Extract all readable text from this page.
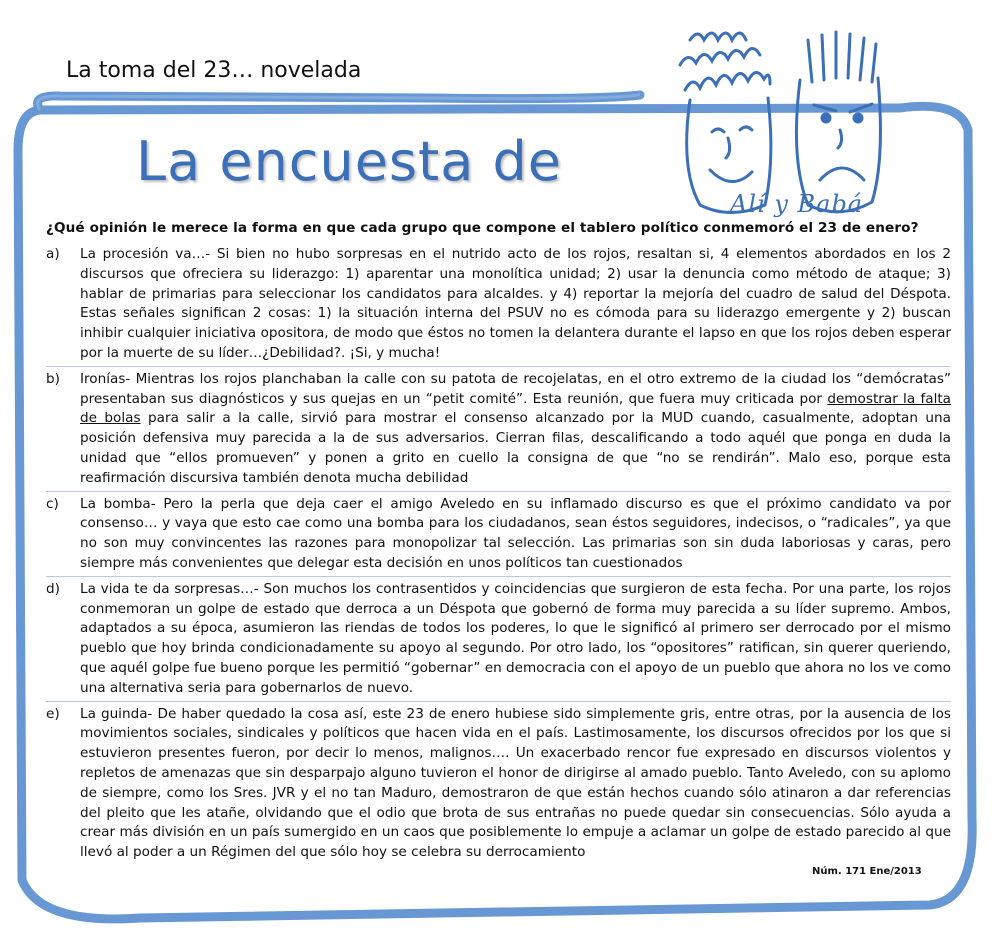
La toma del 23… novelada
La encuesta de
Alí y Babá
¿Qué opinión le merece la forma en que cada grupo que compone el tablero político conmemoró el 23 de enero?
a)	La procesión va…- Si bien no hubo sorpresas en el nutrido acto de los rojos, resaltan si, 4 elementos abordados en los 2 discursos que ofreciera su liderazgo: 1) aparentar una monolítica unidad; 2) usar la denuncia como método de ataque; 3) hablar de primarias para seleccionar los candidatos para alcaldes. y 4) reportar la mejoría del cuadro de salud del Déspota. Estas señales significan 2 cosas: 1) la situación interna del PSUV no es cómoda para su liderazgo emergente y 2) buscan inhibir cualquier iniciativa opositora, de modo que éstos no tomen la delantera durante el lapso en que los rojos deben esperar por la muerte de su líder…¿Debilidad?. ¡Si, y mucha!
b)	Ironías- Mientras los rojos planchaban la calle con su patota de recojelatas, en el otro extremo de la ciudad los “demócratas” presentaban sus diagnósticos y sus quejas en un “petit comité”. Esta reunión, que fuera muy criticada por demostrar la falta de bolas para salir a la calle, sirvió para mostrar el consenso alcanzado por la MUD cuando, casualmente, adoptan una posición defensiva muy parecida a la de sus adversarios. Cierran filas, descalificando a todo aquél que ponga en duda la unidad que “ellos promueven” y ponen a grito en cuello la consigna de que “no se rendirán”. Malo eso, porque esta reafirmación discursiva también denota mucha debilidad
c)	La bomba- Pero la perla que deja caer el amigo Aveledo en su inflamado discurso es que el próximo candidato va por consenso… y vaya que esto cae como una bomba para los ciudadanos, sean éstos seguidores, indecisos, o “radicales”, ya que no son muy convincentes las razones para monopolizar tal selección. Las primarias son sin duda laboriosas y caras, pero siempre más convenientes que delegar esta decisión en unos políticos tan cuestionados
d)	La vida te da sorpresas…- Son muchos los contrasentidos y coincidencias que surgieron de esta fecha. Por una parte, los rojos conmemoran un golpe de estado que derroca a un Déspota que gobernó de forma muy parecida a su líder supremo. Ambos, adaptados a su época, asumieron las riendas de todos los poderes, lo que le significó al primero ser derrocado por el mismo pueblo que hoy brinda condicionadamente su apoyo al segundo. Por otro lado, los “opositores” ratifican, sin querer queriendo, que aquél golpe fue bueno porque les permitió “gobernar” en democracia con el apoyo de un pueblo que ahora no los ve como una alternativa seria para gobernarlos de nuevo.
e)	La guinda- De haber quedado la cosa así, este 23 de enero hubiese sido simplemente gris, entre otras, por la ausencia de los movimientos sociales, sindicales y políticos que hacen vida en el país. Lastimosamente, los discursos ofrecidos por los que si estuvieron presentes fueron, por decir lo menos, malignos…. Un exacerbado rencor fue expresado en discursos violentos y repletos de amenazas que sin desparpajo alguno tuvieron el honor de dirigirse al amado pueblo. Tanto Aveledo, con su aplomo de siempre, como los Sres. JVR y el no tan Maduro, demostraron de que están hechos cuando sólo atinaron a dar referencias del pleito que les atañe, olvidando que el odio que brota de sus entrañas no puede quedar sin consecuencias. Sólo ayuda a crear más división en un país sumergido en un caos que posiblemente lo empuje a aclamar un golpe de estado parecido al que llevó al poder a un Régimen del que sólo hoy se celebra su derrocamiento
Núm. 171 Ene/2013
